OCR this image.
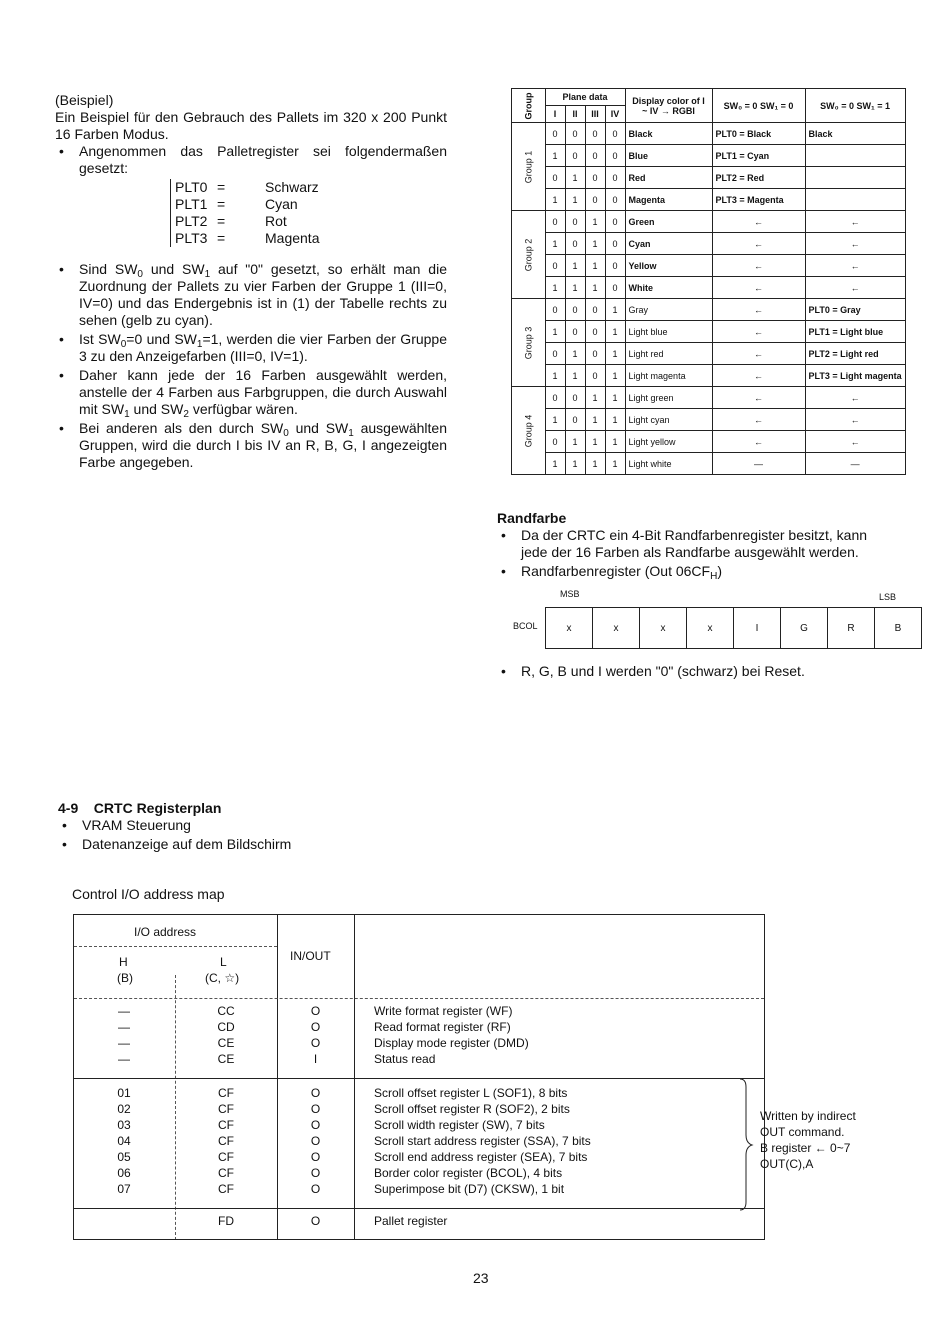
(Beispiel)
Ein Beispiel für den Gebrauch des Pallets im 320 x 200 Punkt 16 Farben Modus.
• Angenommen das Palletregister sei folgendermaßen gesetzt:
PLT0 =	Schwarz
PLT1 =	Cyan
PLT2 =	Rot
PLT3 =	Magenta
• Sind $SW_0$ und $SW_1$ auf "0" gesetzt, so erhält man die Zuordnung der Pallets zu vier Farben der Gruppe 1 (III=0, IV=0) und das Endergebnis ist in (1) der Tabelle rechts zu sehen (gelb zu cyan).
• Ist $SW_0=0$ und $SW_1=1$, werden die vier Farben der Gruppe 3 zu den Anzeigefarben (III=0, IV=1).
• Daher kann jede der 16 Farben ausgewählt werden, anstelle der 4 Farben aus Farbgruppen, die durch Auswahl mit $SW_1$ und $SW_2$ verfügbar wären.
• Bei anderen als den durch $SW_0$ und $SW_1$ ausgewählten Gruppen, wird die durch I bis IV an R, B, G, I angezeigten Farbe angegeben.
Group	Plane data				Display color of I ~ IV → RGBI	SW₀ = 0 SW₁ = 0	SW₀ = 0 SW₁ = 1
	I	II	III	IV			

Group 1	0	0	0	0	Black	PLT0 = Black	Black
	1	0	0	0	Blue	PLT1 = Cyan	
	0	1	0	0	Red	PLT2 = Red	
	1	1	0	0	Magenta	PLT3 = Magenta	

Group 2	0	0	1	0	Green	←	←
	1	0	1	0	Cyan	←	←
	0	1	1	0	Yellow	←	←
	1	1	1	0	White	←	←

Group 3	0	0	0	1	Gray	←	PLT0 = Gray
	1	0	0	1	Light blue	←	PLT1 = Light blue
	0	1	0	1	Light red	←	PLT2 = Light red
	1	1	0	1	Light magenta	←	PLT3 = Light magenta

Group 4	0	0	1	1	Light green	←	←
	1	0	1	1	Light cyan	←	←
	0	1	1	1	Light yellow	←	←
	1	1	1	1	Light white	—	—
Randfarbe
• Da der CRTC ein 4-Bit Randfarbenregister besitzt, kann jede der 16 Farben als Randfarbe ausgewählt werden.
• Randfarbenregister (Out $06CF_H$)
MSB	LSB
BCOL	x	x	x	x	I	G	R	B
• R, G, B und I werden "0" (schwarz) bei Reset.
4-9 CRTC Registerplan
• VRAM Steuerung
• Datenanzeige auf dem Bildschirm
Control I/O address map
I/O address
H
(B)
L
(C, ☆)
IN/OUT
—	CC	O	Write format register (WF)
—	CD	O	Read format register (RF)
—	CE	O	Display mode register (DMD)
—	CE	I	Status read
01	CF	O	Scroll offset register L (SOF1), 8 bits
02	CF	O	Scroll offset register R (SOF2), 2 bits
03	CF	O	Scroll width register (SW), 7 bits
04	CF	O	Scroll start address register (SSA), 7 bits
05	CF	O	Scroll end address register (SEA), 7 bits
06	CF	O	Border color register (BCOL), 4 bits
07	CF	O	Superimpose bit (D7) (CKSW), 1 bit
	FD	O	Pallet register
Written by indirect
OUT command.
B register ← 0~7
OUT(C),A
23
